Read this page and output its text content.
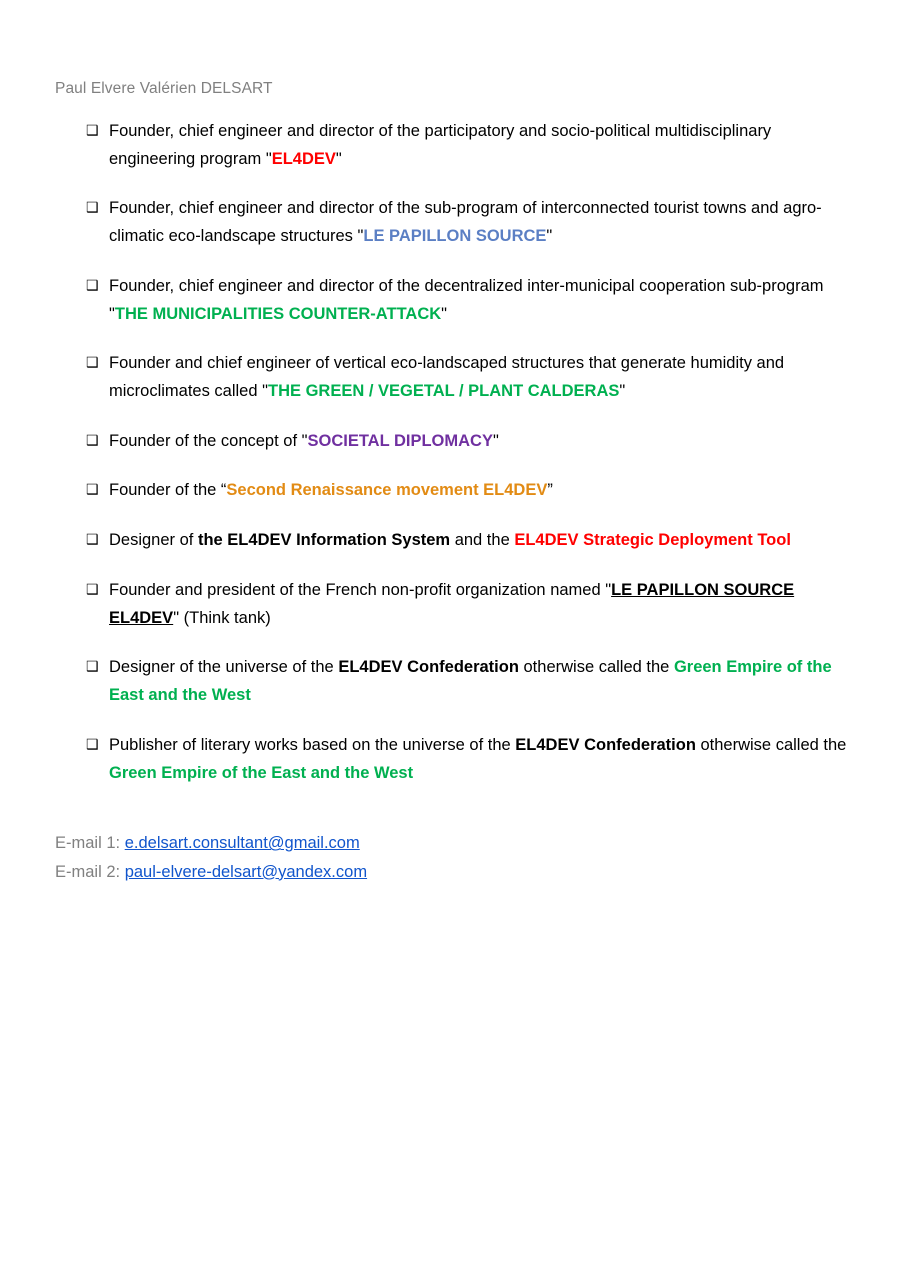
Paul Elvere Valérien DELSART
❑ Founder, chief engineer and director of the participatory and socio-political multidisciplinary engineering program "EL4DEV"
❑ Founder, chief engineer and director of the sub-program of interconnected tourist towns and agro-climatic eco-landscape structures "LE PAPILLON SOURCE"
❑ Founder, chief engineer and director of the decentralized inter-municipal cooperation sub-program "THE MUNICIPALITIES COUNTER-ATTACK"
❑ Founder and chief engineer of vertical eco-landscaped structures that generate humidity and microclimates called "THE GREEN / VEGETAL / PLANT CALDERAS"
❑ Founder of the concept of "SOCIETAL DIPLOMACY"
❑ Founder of the “Second Renaissance movement EL4DEV”
❑ Designer of the EL4DEV Information System and the EL4DEV Strategic Deployment Tool
❑ Founder and president of the French non-profit organization named "LE PAPILLON SOURCE EL4DEV" (Think tank)
❑ Designer of the universe of the EL4DEV Confederation otherwise called the Green Empire of the East and the West
❑ Publisher of literary works based on the universe of the EL4DEV Confederation otherwise called the Green Empire of the East and the West
E-mail 1: e.delsart.consultant@gmail.com
E-mail 2: paul-elvere-delsart@yandex.com
